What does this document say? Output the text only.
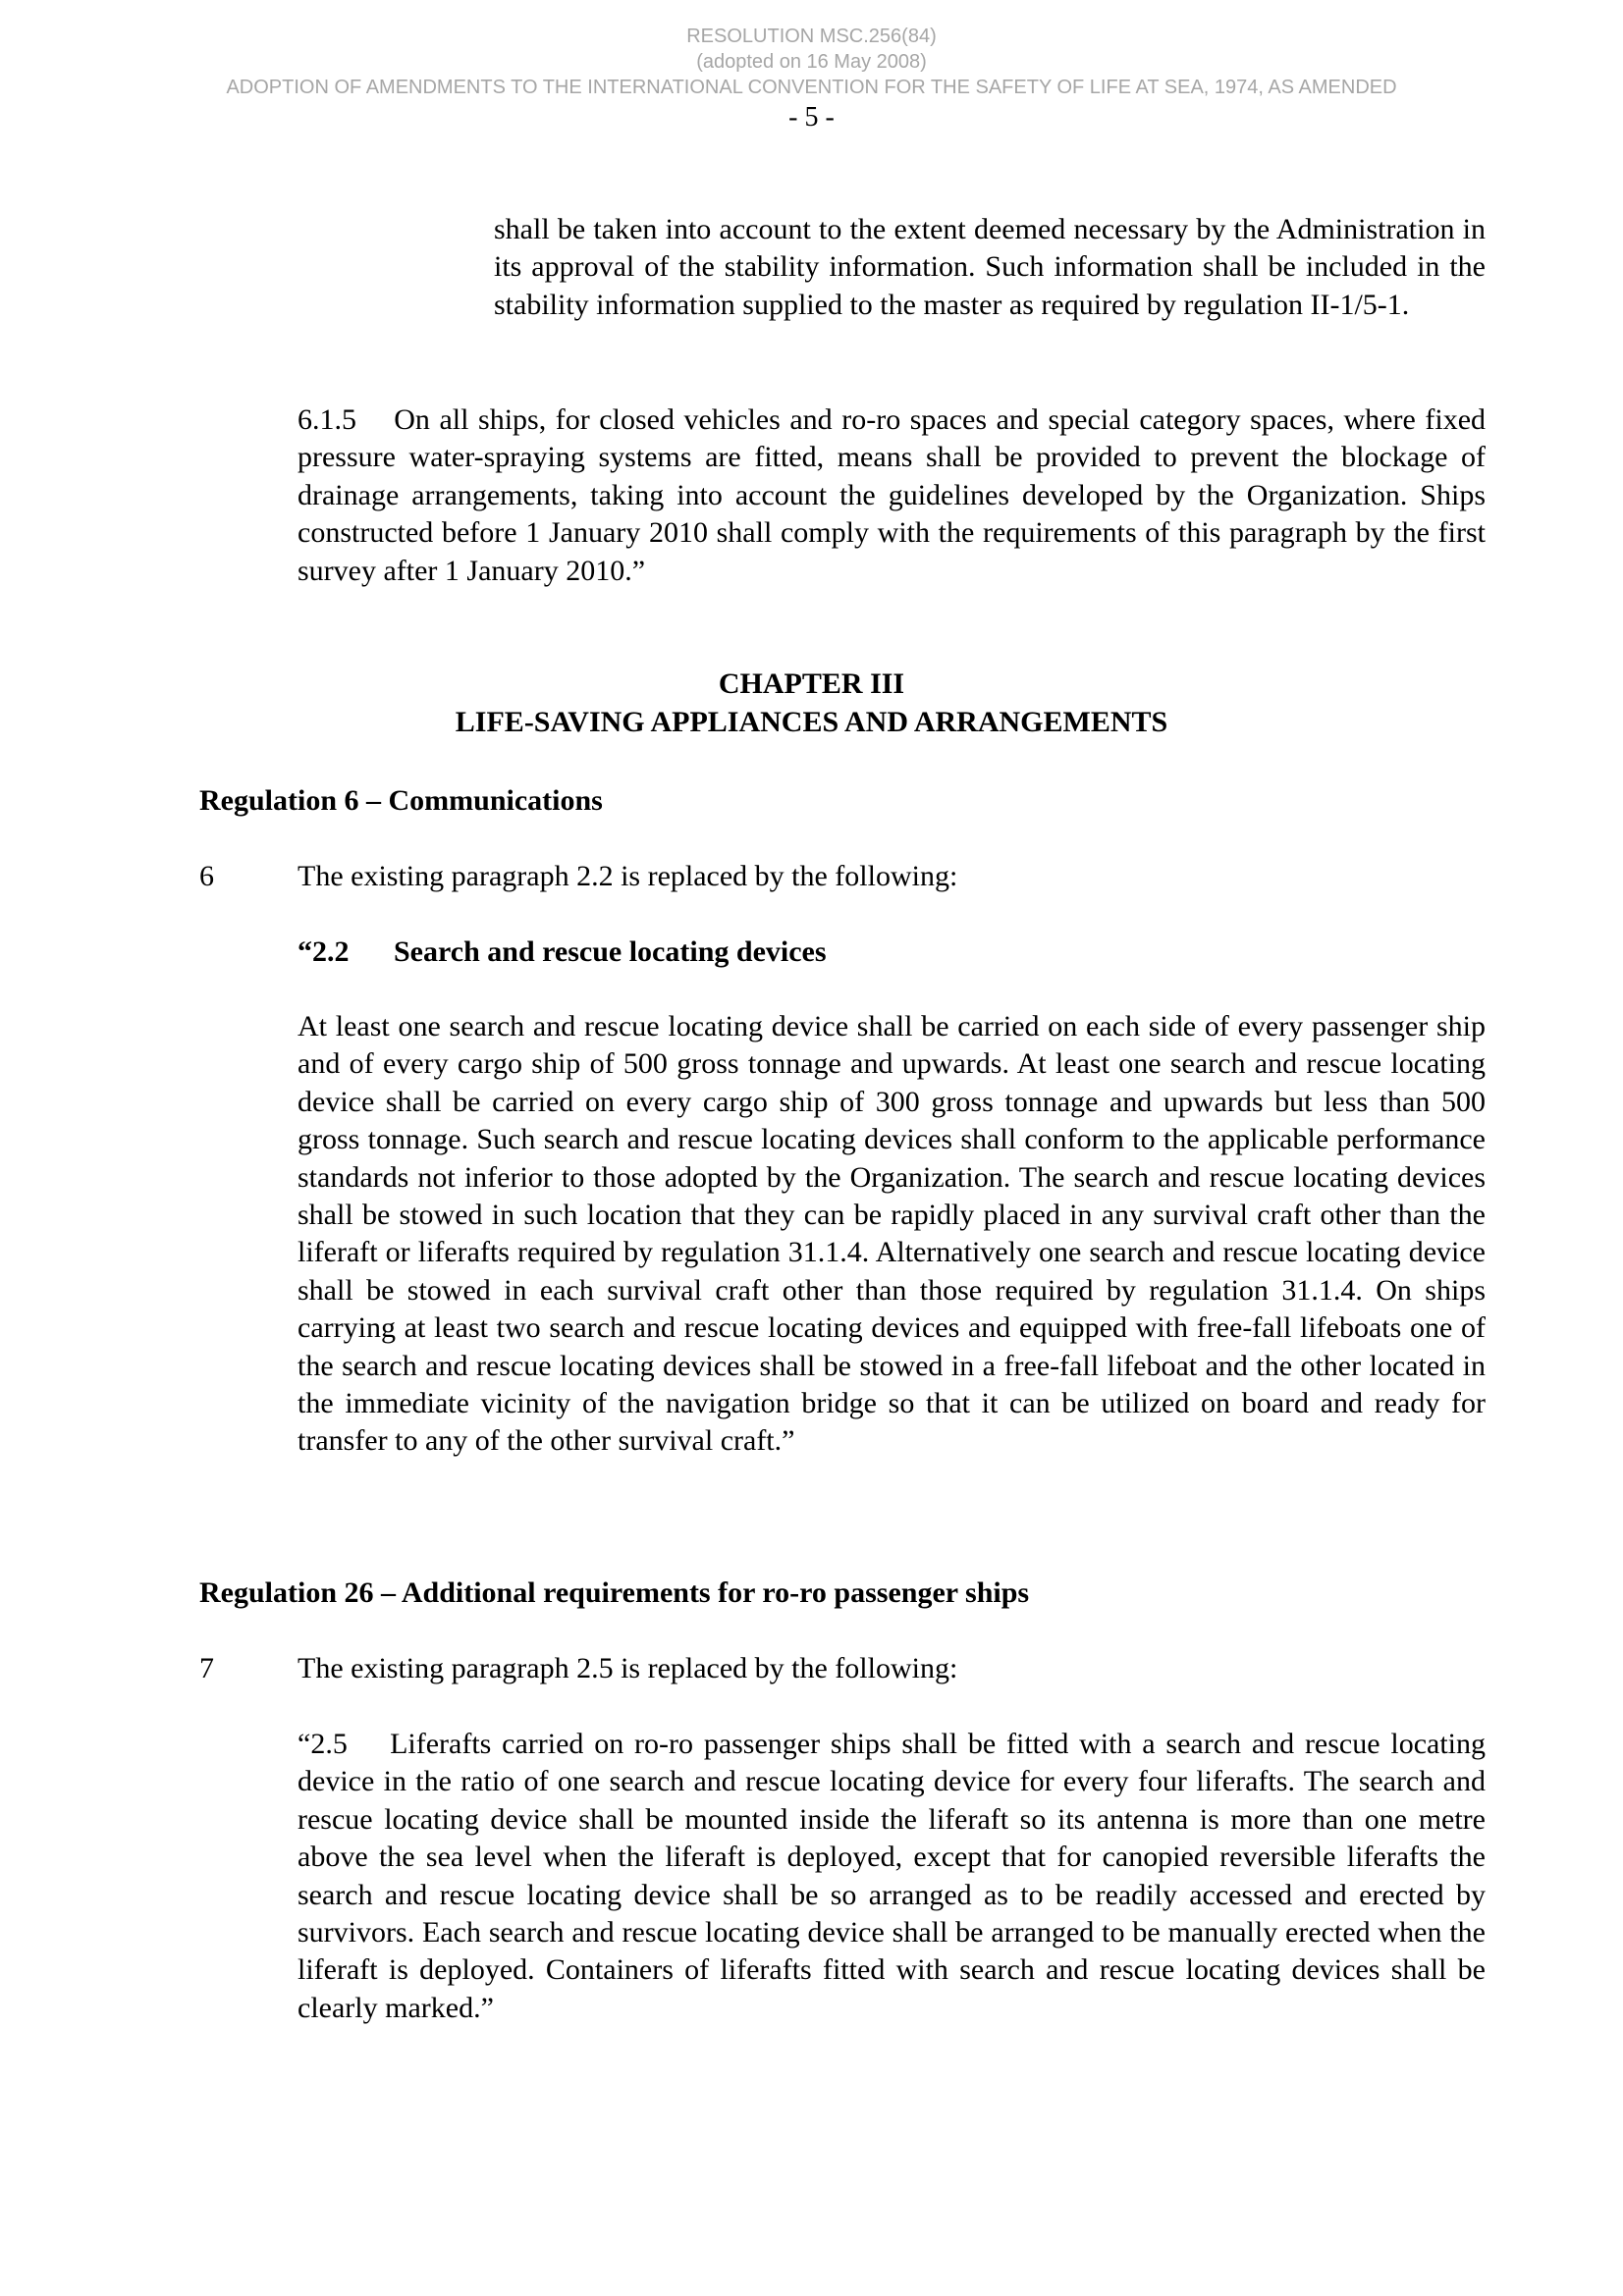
RESOLUTION MSC.256(84)
(adopted on 16 May 2008)
ADOPTION OF AMENDMENTS TO THE INTERNATIONAL CONVENTION FOR THE SAFETY OF LIFE AT SEA, 1974, AS AMENDED
- 5 -
shall be taken into account to the extent deemed necessary by the Administration in its approval of the stability information. Such information shall be included in the stability information supplied to the master as required by regulation II-1/5-1.
6.1.5 On all ships, for closed vehicles and ro-ro spaces and special category spaces, where fixed pressure water-spraying systems are fitted, means shall be provided to prevent the blockage of drainage arrangements, taking into account the guidelines developed by the Organization. Ships constructed before 1 January 2010 shall comply with the requirements of this paragraph by the first survey after 1 January 2010.”
CHAPTER III
LIFE-SAVING APPLIANCES AND ARRANGEMENTS
Regulation 6 – Communications
6	The existing paragraph 2.2 is replaced by the following:
“2.2 Search and rescue locating devices
At least one search and rescue locating device shall be carried on each side of every passenger ship and of every cargo ship of 500 gross tonnage and upwards. At least one search and rescue locating device shall be carried on every cargo ship of 300 gross tonnage and upwards but less than 500 gross tonnage. Such search and rescue locating devices shall conform to the applicable performance standards not inferior to those adopted by the Organization. The search and rescue locating devices shall be stowed in such location that they can be rapidly placed in any survival craft other than the liferaft or liferafts required by regulation 31.1.4. Alternatively one search and rescue locating device shall be stowed in each survival craft other than those required by regulation 31.1.4. On ships carrying at least two search and rescue locating devices and equipped with free-fall lifeboats one of the search and rescue locating devices shall be stowed in a free-fall lifeboat and the other located in the immediate vicinity of the navigation bridge so that it can be utilized on board and ready for transfer to any of the other survival craft.”
Regulation 26 – Additional requirements for ro-ro passenger ships
7	The existing paragraph 2.5 is replaced by the following:
“2.5 Liferafts carried on ro-ro passenger ships shall be fitted with a search and rescue locating device in the ratio of one search and rescue locating device for every four liferafts. The search and rescue locating device shall be mounted inside the liferaft so its antenna is more than one metre above the sea level when the liferaft is deployed, except that for canopied reversible liferafts the search and rescue locating device shall be so arranged as to be readily accessed and erected by survivors. Each search and rescue locating device shall be arranged to be manually erected when the liferaft is deployed. Containers of liferafts fitted with search and rescue locating devices shall be clearly marked.”
